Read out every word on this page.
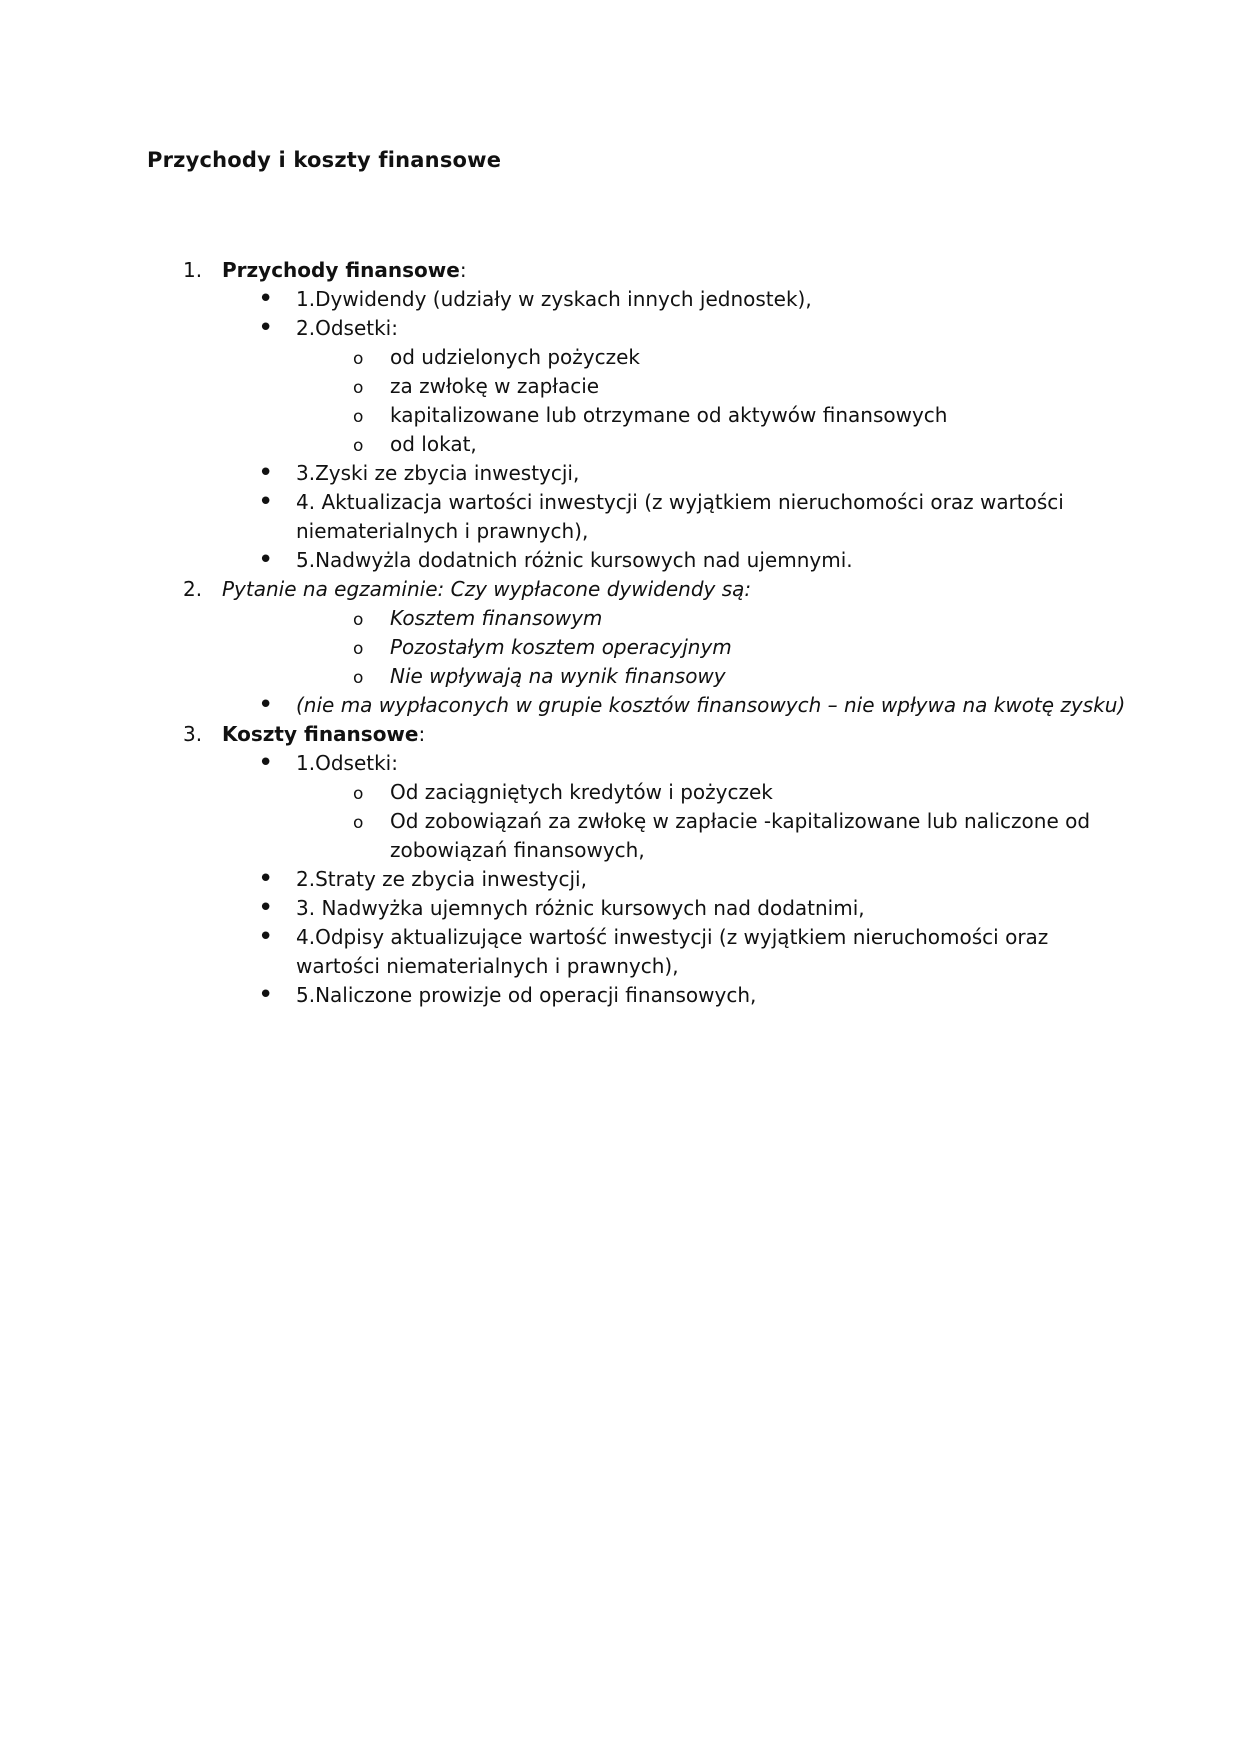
Przychody i koszty finansowe
1. Przychody finansowe:
•
1.Dywidendy (udziały w zyskach innych jednostek),
•
2.Odsetki:
o
od udzielonych pożyczek
o
za zwłokę w zapłacie
o
kapitalizowane lub otrzymane od aktywów finansowych
o
od lokat,
•
3.Zyski ze zbycia inwestycji,
•
4. Aktualizacja wartości inwestycji (z wyjątkiem nieruchomości oraz wartości
niematerialnych i prawnych),
•
5.Nadwyżla dodatnich różnic kursowych nad ujemnymi.
2. Pytanie na egzaminie: Czy wypłacone dywidendy są:
o
Kosztem finansowym
o
Pozostałym kosztem operacyjnym
o
Nie wpływają na wynik finansowy
•
(nie ma wypłaconych w grupie kosztów finansowych – nie wpływa na kwotę zysku)
3. Koszty finansowe:
•
1.Odsetki:
o
Od zaciągniętych kredytów i pożyczek
o
Od zobowiązań za zwłokę w zapłacie -kapitalizowane lub naliczone od
zobowiązań finansowych,
•
2.Straty ze zbycia inwestycji,
•
3. Nadwyżka ujemnych różnic kursowych nad dodatnimi,
•
4.Odpisy aktualizujące wartość inwestycji (z wyjątkiem nieruchomości oraz
wartości niematerialnych i prawnych),
•
5.Naliczone prowizje od operacji finansowych,
